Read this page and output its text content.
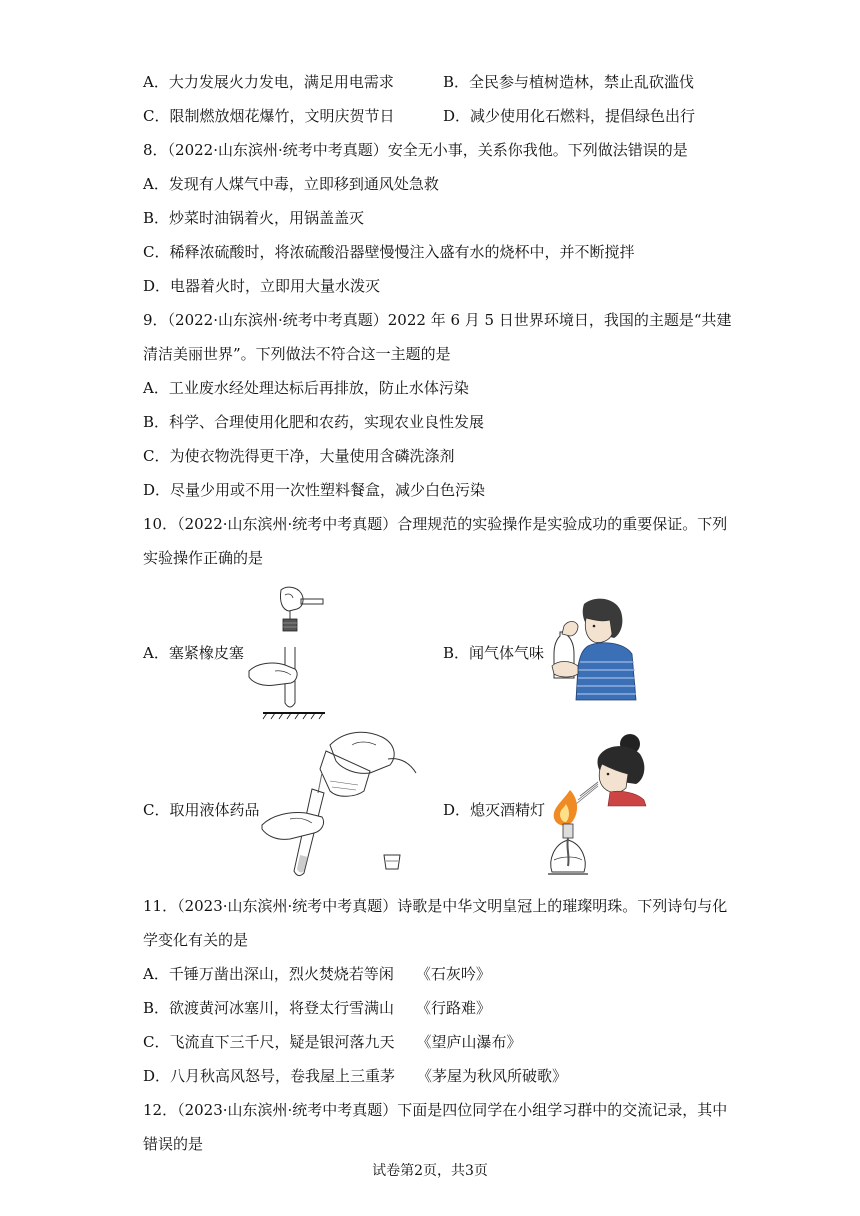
A．大力发展火力发电，满足用电需求	B．全民参与植树造林，禁止乱砍滥伐
C．限制燃放烟花爆竹，文明庆贺节日	D．减少使用化石燃料，提倡绿色出行
8．（2022·山东滨州·统考中考真题）安全无小事，关系你我他。下列做法错误的是
A．发现有人煤气中毒，立即移到通风处急救
B．炒菜时油锅着火，用锅盖盖灭
C．稀释浓硫酸时，将浓硫酸沿器壁慢慢注入盛有水的烧杯中，并不断搅拌
D．电器着火时，立即用大量水泼灭
9．（2022·山东滨州·统考中考真题）2022 年 6 月 5 日世界环境日，我国的主题是“共建
清洁美丽世界”。下列做法不符合这一主题的是
A．工业废水经处理达标后再排放，防止水体污染
B．科学、合理使用化肥和农药，实现农业良性发展
C．为使衣物洗得更干净，大量使用含磷洗涤剂
D．尽量少用或不用一次性塑料餐盒，减少白色污染
10．（2022·山东滨州·统考中考真题）合理规范的实验操作是实验成功的重要保证。下列
实验操作正确的是
A．塞紧橡皮塞	B．闻气体气味
C．取用液体药品	D．熄灭酒精灯
11．（2023·山东滨州·统考中考真题）诗歌是中华文明皇冠上的璀璨明珠。下列诗句与化
学变化有关的是
A．千锤万凿出深山，烈火焚烧若等闲 《石灰吟》
B．欲渡黄河冰塞川，将登太行雪满山 《行路难》
C．飞流直下三千尺，疑是银河落九天 《望庐山瀑布》
D．八月秋高风怒号，卷我屋上三重茅 《茅屋为秋风所破歌》
12．（2023·山东滨州·统考中考真题）下面是四位同学在小组学习群中的交流记录，其中
错误的是
试卷第2页，共3页
